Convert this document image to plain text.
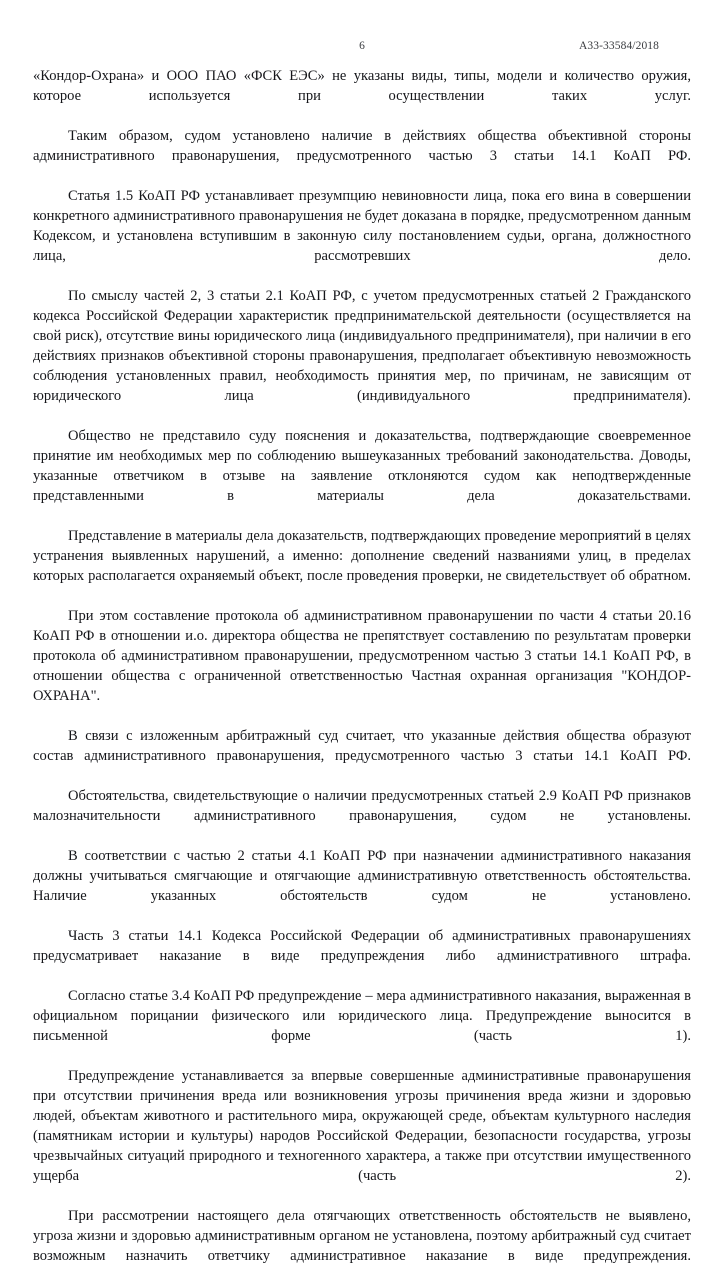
6	А33-33584/2018

«Кондор-Охрана» и ООО ПАО «ФСК ЕЭС» не указаны виды, типы, модели и количество оружия, которое используется при осуществлении таких услуг.

Таким образом, судом установлено наличие в действиях общества объективной стороны административного правонарушения, предусмотренного частью 3 статьи 14.1 КоАП РФ.

Статья 1.5 КоАП РФ устанавливает презумпцию невиновности лица, пока его вина в совершении конкретного административного правонарушения не будет доказана в порядке, предусмотренном данным Кодексом, и установлена вступившим в законную силу постановлением судьи, органа, должностного лица, рассмотревших дело.

По смыслу частей 2, 3 статьи 2.1 КоАП РФ, с учетом предусмотренных статьей 2 Гражданского кодекса Российской Федерации характеристик предпринимательской деятельности (осуществляется на свой риск), отсутствие вины юридического лица (индивидуального предпринимателя), при наличии в его действиях признаков объективной стороны правонарушения, предполагает объективную невозможность соблюдения установленных правил, необходимость принятия мер, по причинам, не зависящим от юридического лица (индивидуального предпринимателя).

Общество не представило суду пояснения и доказательства, подтверждающие своевременное принятие им необходимых мер по соблюдению вышеуказанных требований законодательства. Доводы, указанные ответчиком в отзыве на заявление отклоняются судом как неподтвержденные представленными в материалы дела доказательствами.

Представление в материалы дела доказательств, подтверждающих проведение мероприятий в целях устранения выявленных нарушений, а именно: дополнение сведений названиями улиц, в пределах которых располагается охраняемый объект, после проведения проверки, не свидетельствует об обратном.

При этом составление протокола об административном правонарушении по части 4 статьи 20.16 КоАП РФ в отношении и.о. директора общества не препятствует составлению по результатам проверки протокола об административном правонарушении, предусмотренном частью 3 статьи 14.1 КоАП РФ, в отношении общества с ограниченной ответственностью Частная охранная организация "КОНДОР-ОХРАНА".

В связи с изложенным арбитражный суд считает, что указанные действия общества образуют состав административного правонарушения, предусмотренного частью 3 статьи 14.1 КоАП РФ.

Обстоятельства, свидетельствующие о наличии предусмотренных статьей 2.9 КоАП РФ признаков малозначительности административного правонарушения, судом не установлены.

В соответствии с частью 2 статьи 4.1 КоАП РФ при назначении административного наказания должны учитываться смягчающие и отягчающие административную ответственность обстоятельства. Наличие указанных обстоятельств судом не установлено.

Часть 3 статьи 14.1 Кодекса Российской Федерации об административных правонарушениях предусматривает наказание в виде предупреждения либо административного штрафа.

Согласно статье 3.4 КоАП РФ предупреждение – мера административного наказания, выраженная в официальном порицании физического или юридического лица. Предупреждение выносится в письменной форме (часть 1).

Предупреждение устанавливается за впервые совершенные административные правонарушения при отсутствии причинения вреда или возникновения угрозы причинения вреда жизни и здоровью людей, объектам животного и растительного мира, окружающей среде, объектам культурного наследия (памятникам истории и культуры) народов Российской Федерации, безопасности государства, угрозы чрезвычайных ситуаций природного и техногенного характера, а также при отсутствии имущественного ущерба (часть 2).

При рассмотрении настоящего дела отягчающих ответственность обстоятельств не выявлено, угроза жизни и здоровью административным органом не установлена, поэтому арбитражный суд считает возможным назначить ответчику административное наказание в виде предупреждения.
